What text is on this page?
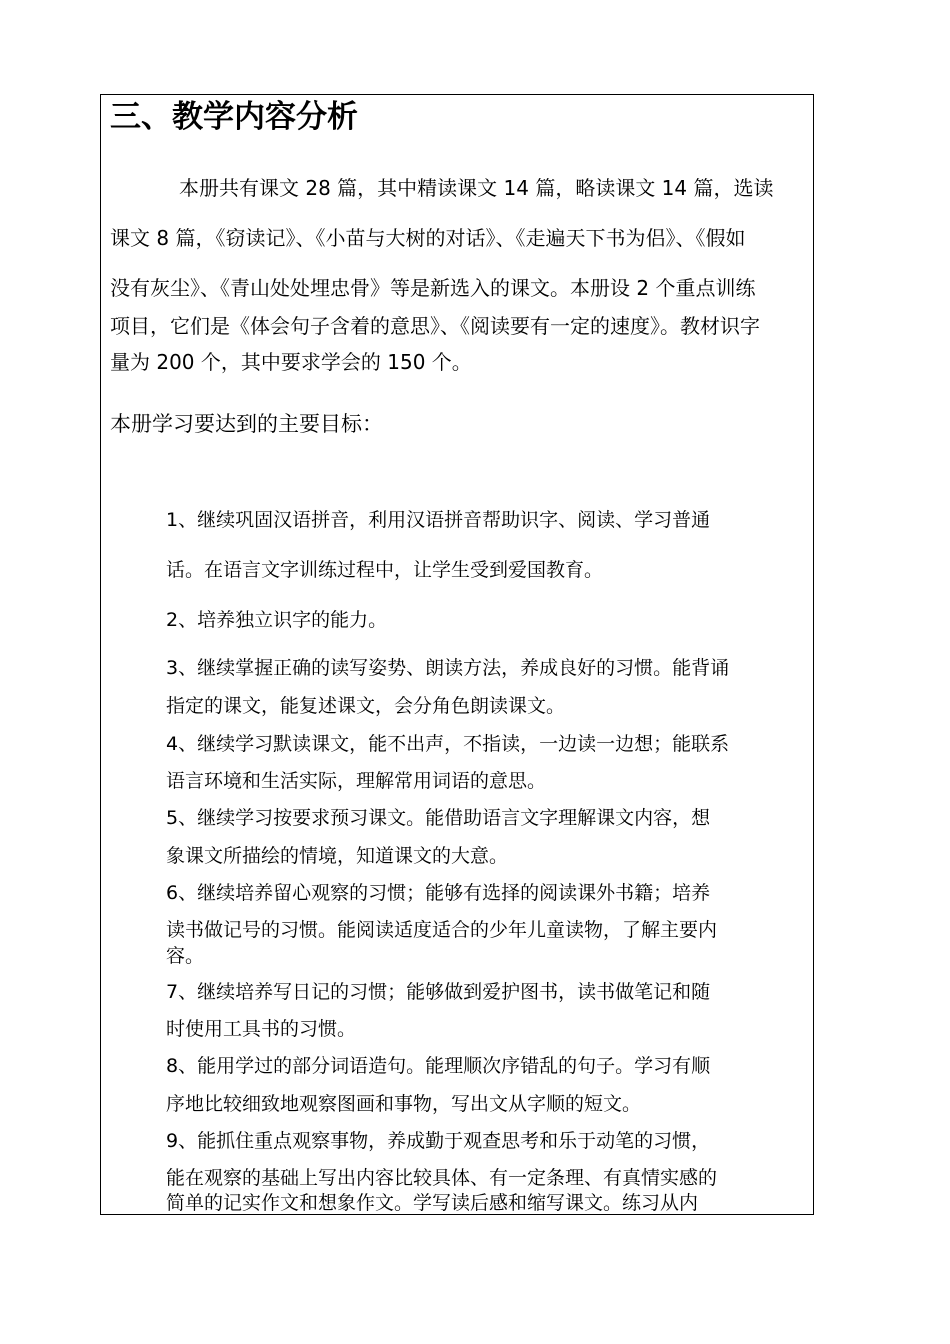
三、教学内容分析

本册共有课文 28 篇，其中精读课文 14 篇，略读课文 14 篇，选读

课文 8 篇，《窃读记》、《小苗与大树的对话》、《走遍天下书为侣》、《假如

没有灰尘》、《青山处处埋忠骨》等是新选入的课文。本册设 2 个重点训练

项目，它们是《体会句子含着的意思》、《阅读要有一定的速度》。教材识字

量为 200 个，其中要求学会的 150 个。

本册学习要达到的主要目标：

1、继续巩固汉语拼音，利用汉语拼音帮助识字、阅读、学习普通

话。在语言文字训练过程中，让学生受到爱国教育。

2、培养独立识字的能力。

3、继续掌握正确的读写姿势、朗读方法，养成良好的习惯。能背诵

指定的课文，能复述课文，会分角色朗读课文。

4、继续学习默读课文，能不出声，不指读，一边读一边想；能联系

语言环境和生活实际，理解常用词语的意思。

5、继续学习按要求预习课文。能借助语言文字理解课文内容，想

象课文所描绘的情境，知道课文的大意。

6、继续培养留心观察的习惯；能够有选择的阅读课外书籍；培养

读书做记号的习惯。能阅读适度适合的少年儿童读物，了解主要内

容。

7、继续培养写日记的习惯；能够做到爱护图书，读书做笔记和随

时使用工具书的习惯。

8、能用学过的部分词语造句。能理顺次序错乱的句子。学习有顺

序地比较细致地观察图画和事物，写出文从字顺的短文。

9、能抓住重点观察事物，养成勤于观查思考和乐于动笔的习惯，

能在观察的基础上写出内容比较具体、有一定条理、有真情实感的

简单的记实作文和想象作文。学写读后感和缩写课文。练习从内
